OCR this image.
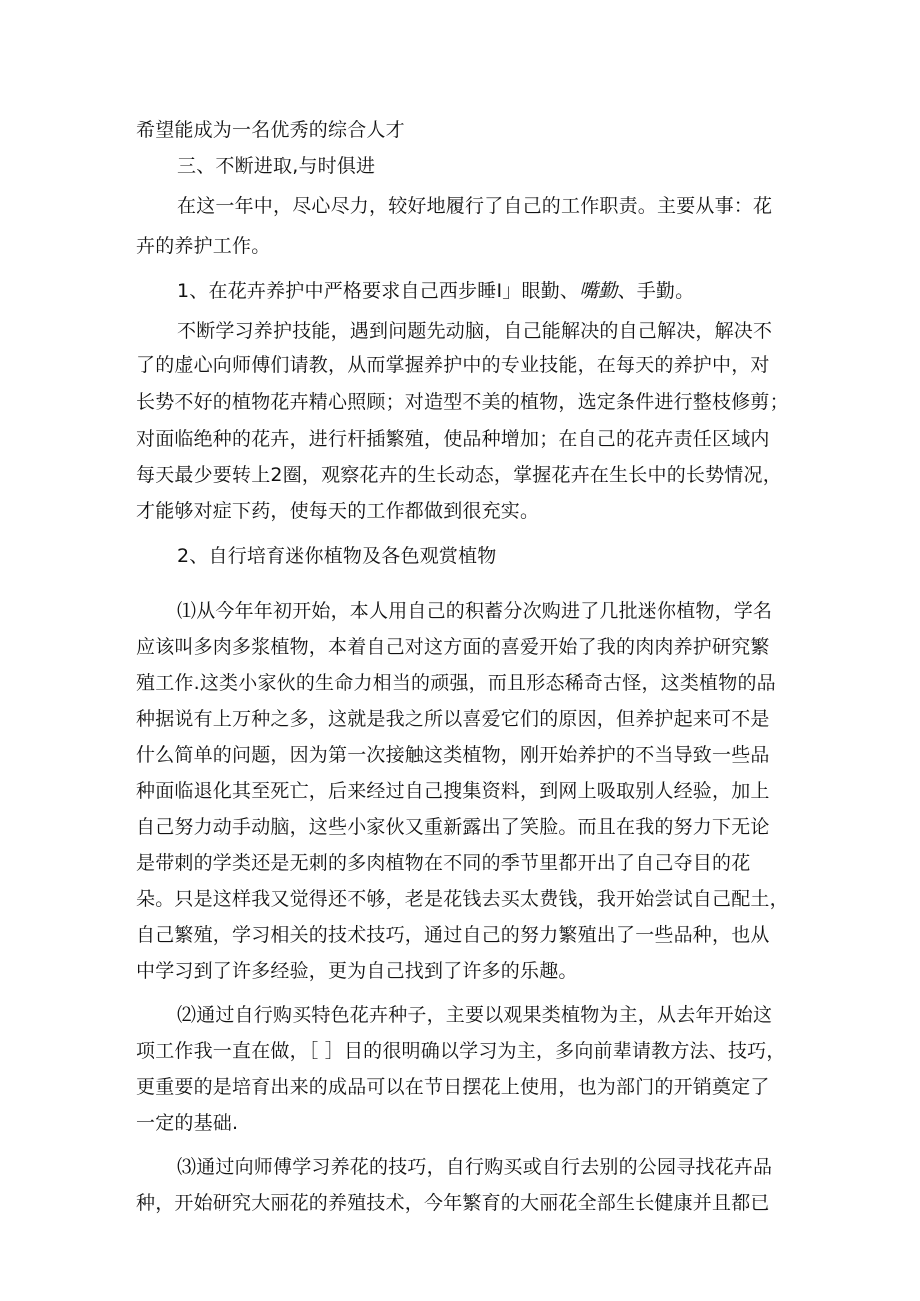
希望能成为一名优秀的综合人才
三、不断进取,与时俱进
在这一年中，尽心尽力，较好地履行了自己的工作职责。主要从事：花
卉的养护工作。
1、在花卉养护中严格要求自己西步睡I」眼勤、嘴勤、手勤。
不断学习养护技能，遇到问题先动脑，自己能解决的自己解决，解决不
了的虚心向师傅们请教，从而掌握养护中的专业技能，在每天的养护中，对
长势不好的植物花卉精心照顾；对造型不美的植物，选定条件进行整枝修剪；
对面临绝种的花卉，进行杆插繁殖，使品种增加；在自己的花卉责任区域内
每天最少要转上2圈，观察花卉的生长动态，掌握花卉在生长中的长势情况，
才能够对症下药，使每天的工作都做到很充实。
2、自行培育迷你植物及各色观赏植物
⑴从今年年初开始，本人用自己的积蓄分次购进了几批迷你植物，学名
应该叫多肉多浆植物，本着自己对这方面的喜爱开始了我的肉肉养护研究繁
殖工作.这类小家伙的生命力相当的顽强，而且形态稀奇古怪，这类植物的品
种据说有上万种之多，这就是我之所以喜爱它们的原因，但养护起来可不是
什么简单的问题，因为第一次接触这类植物，刚开始养护的不当导致一些品
种面临退化其至死亡，后来经过自己搜集资料，到网上吸取别人经验，加上
自己努力动手动脑，这些小家伙又重新露出了笑脸。而且在我的努力下无论
是带刺的学类还是无刺的多肉植物在不同的季节里都开出了自己夺目的花
朵。只是这样我又觉得还不够，老是花钱去买太费钱，我开始尝试自己配土，
自己繁殖，学习相关的技术技巧，通过自己的努力繁殖出了一些品种，也从
中学习到了许多经验，更为自己找到了许多的乐趣。
⑵通过自行购买特色花卉种子，主要以观果类植物为主，从去年开始这
项工作我一直在做，［ ］目的很明确以学习为主，多向前辈请教方法、技巧，
更重要的是培育出来的成品可以在节日摆花上使用，也为部门的开销奠定了
一定的基础.
⑶通过向师傅学习养花的技巧，自行购买或自行去别的公园寻找花卉品
种，开始研究大丽花的养殖技术，今年繁育的大丽花全部生长健康并且都已
